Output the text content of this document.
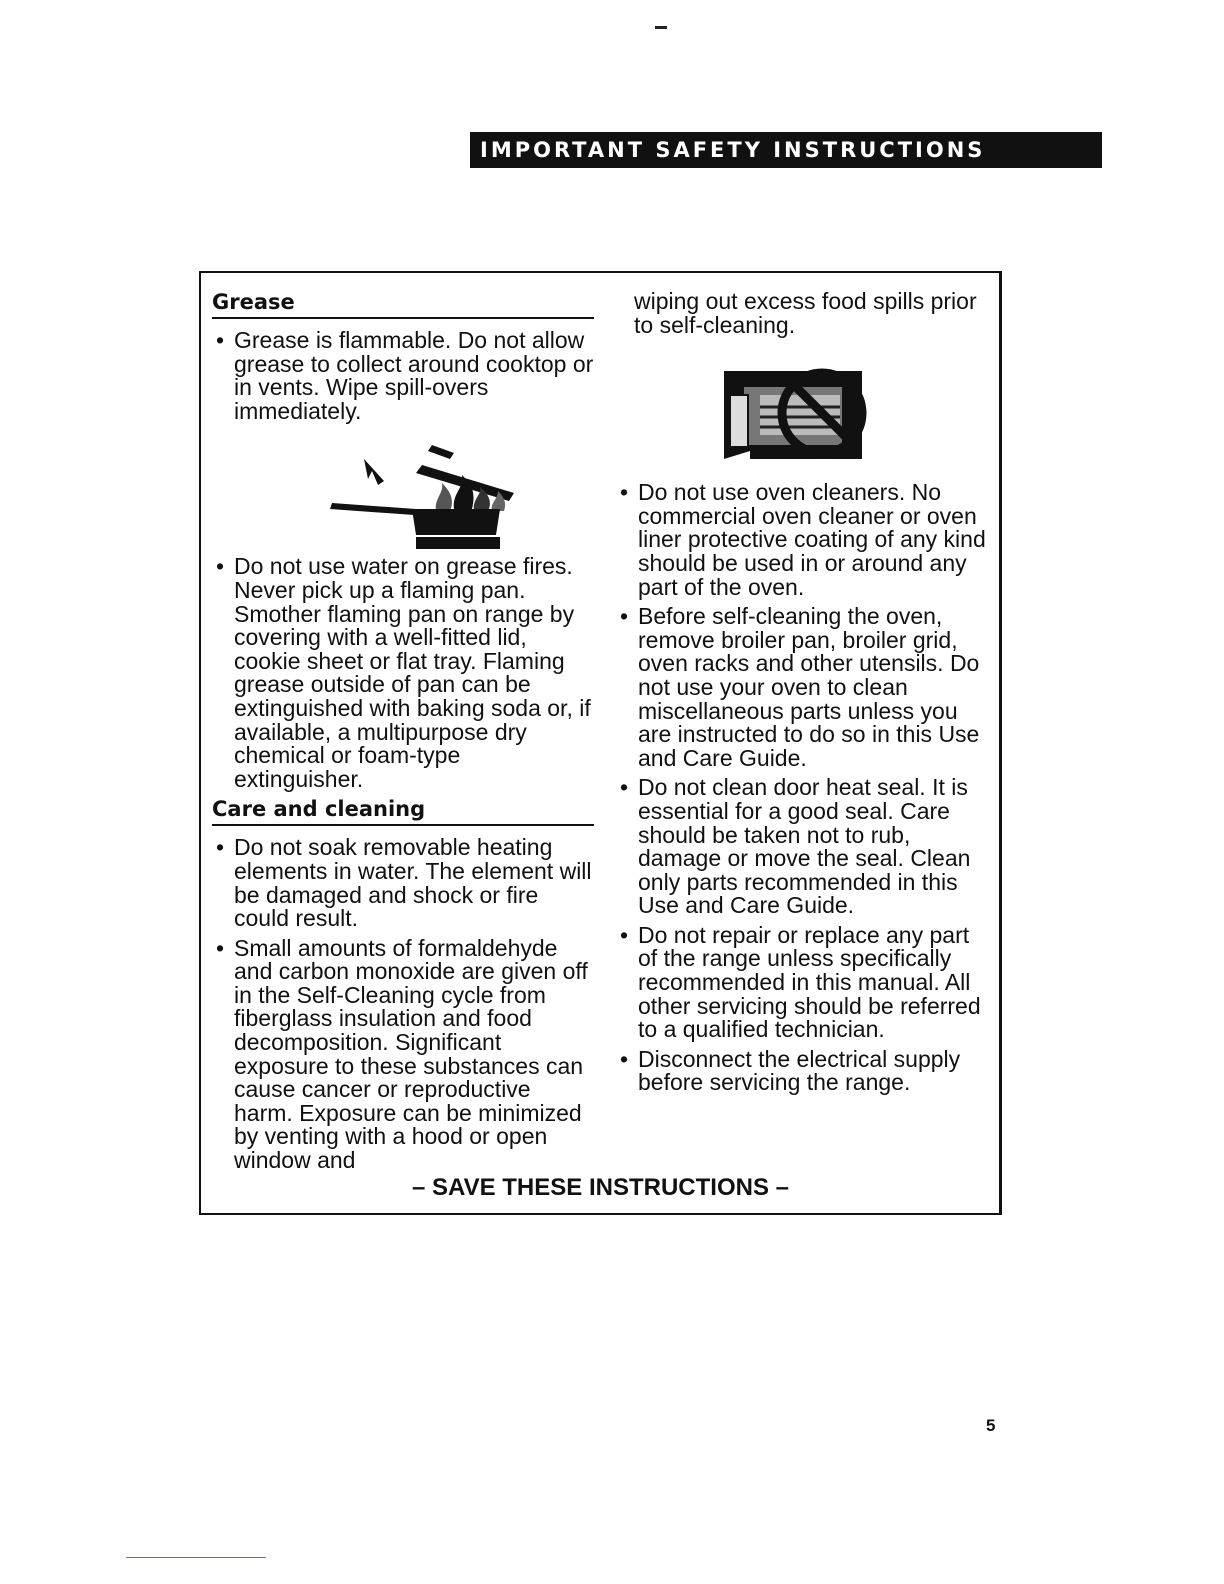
IMPORTANT SAFETY INSTRUCTIONS
Grease
• Grease is flammable. Do not allow grease to collect around cooktop or in vents. Wipe spill-overs immediately.
• Do not use water on grease fires. Never pick up a flaming pan. Smother flaming pan on range by covering with a well-fitted lid, cookie sheet or flat tray. Flaming grease outside of pan can be extinguished with baking soda or, if available, a multipurpose dry chemical or foam-type extinguisher.
Care and cleaning
• Do not soak removable heating elements in water. The element will be damaged and shock or fire could result.
• Small amounts of formaldehyde and carbon monoxide are given off in the Self-Cleaning cycle from fiberglass insulation and food decomposition. Significant exposure to these substances can cause cancer or reproductive harm. Exposure can be minimized by venting with a hood or open window and

wiping out excess food spills prior to self-cleaning.

• Do not use oven cleaners. No commercial oven cleaner or oven liner protective coating of any kind should be used in or around any part of the oven.
• Before self-cleaning the oven, remove broiler pan, broiler grid, oven racks and other utensils. Do not use your oven to clean miscellaneous parts unless you are instructed to do so in this Use and Care Guide.
• Do not clean door heat seal. It is essential for a good seal. Care should be taken not to rub, damage or move the seal. Clean only parts recommended in this Use and Care Guide.
• Do not repair or replace any part of the range unless specifically recommended in this manual. All other servicing should be referred to a qualified technician.
• Disconnect the electrical supply before servicing the range.
– SAVE THESE INSTRUCTIONS –
5
